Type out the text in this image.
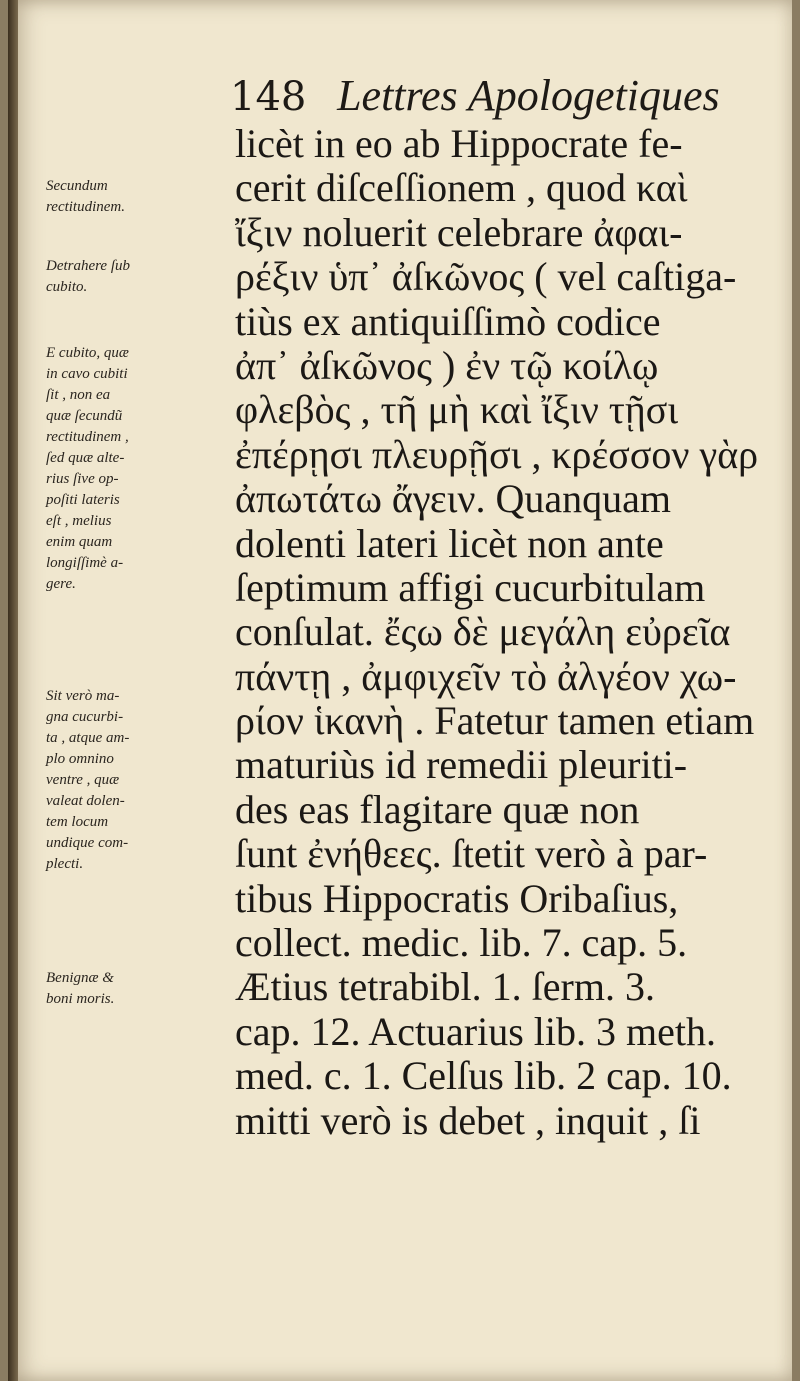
148 Lettres Apologetiques
licèt in eo ab Hippocrate fe-
cerit diſceſſionem , quod καὶ
ἴξιν noluerit celebrare ἀφαι-
ρέξιν ὑπ᾽ ἀſκῶνος ( vel caſtiga-
tiùs ex antiquiſſimò codice
ἀπ᾽ ἀſκῶνος ) ἐν τῷ κοίλῳ
φλεβὸς , τῆ μὴ καὶ ἴξιν τῇσι
ἐπέρῃσι πλευρῇσι , κρέσσον γὰρ
ἀπωτάτω ἄγειν. Quanquam
dolenti lateri licèt non ante
ſeptimum affigi cucurbitulam
conſulat. ἔςω δὲ μεγάλη εὐρεῖα
πάντῃ , ἀμφιχεῖν τὸ ἀλγέον χω-
ρίον ἱκανὴ . Fatetur tamen etiam
maturiùs id remedii pleuriti-
des eas flagitare quæ non
ſunt ἐνήθεες. ſtetit verò à par-
tibus Hippocratis Oribaſius,
collect. medic. lib. 7. cap. 5.
Ætius tetrabibl. 1. ſerm. 3.
cap. 12. Actuarius lib. 3 meth.
med. c. 1. Celſus lib. 2 cap. 10.
mitti verò is debet , inquit , ſi
Secundum
rectitudinem.
Detrahere ſub
cubito.
E cubito, quæ
in cavo cubiti
ſit , non ea
quæ ſecundũ
rectitudinem ,
ſed quæ alte-
rius ſive op-
poſiti lateris
eſt , melius
enim quam
longiſſimè a-
gere.
Sit verò ma-
gna cucurbi-
ta , atque am-
plo omnino
ventre , quæ
valeat dolen-
tem locum
undique com-
plecti.
Benignæ &
boni moris.
